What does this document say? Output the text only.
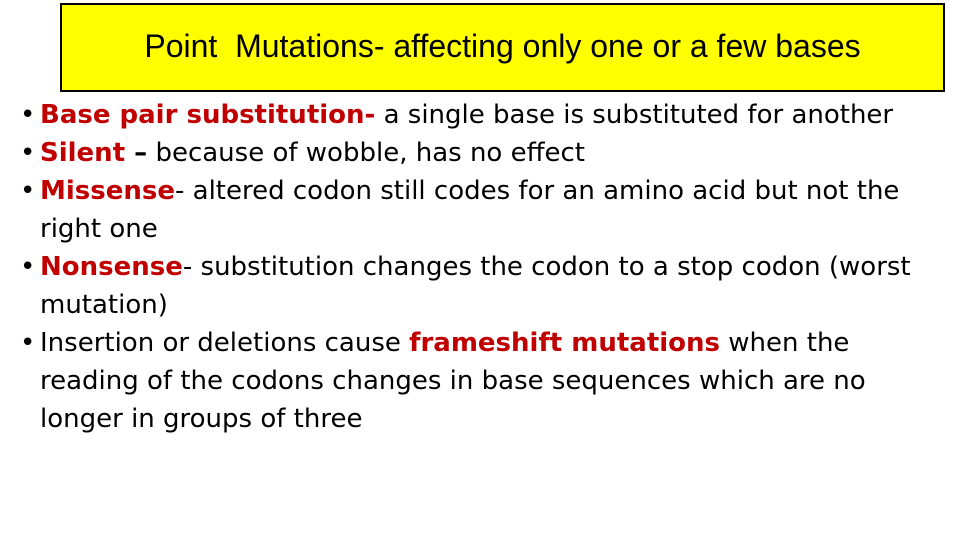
Point  Mutations- affecting only one or a few bases
• Base pair substitution- a single base is substituted for another
• Silent – because of wobble, has no effect
• Missense- altered codon still codes for an amino acid but not the right one
• Nonsense- substitution changes the codon to a stop codon (worst mutation)
• Insertion or deletions cause frameshift mutations when the reading of the codons changes in base sequences which are no longer in groups of three
